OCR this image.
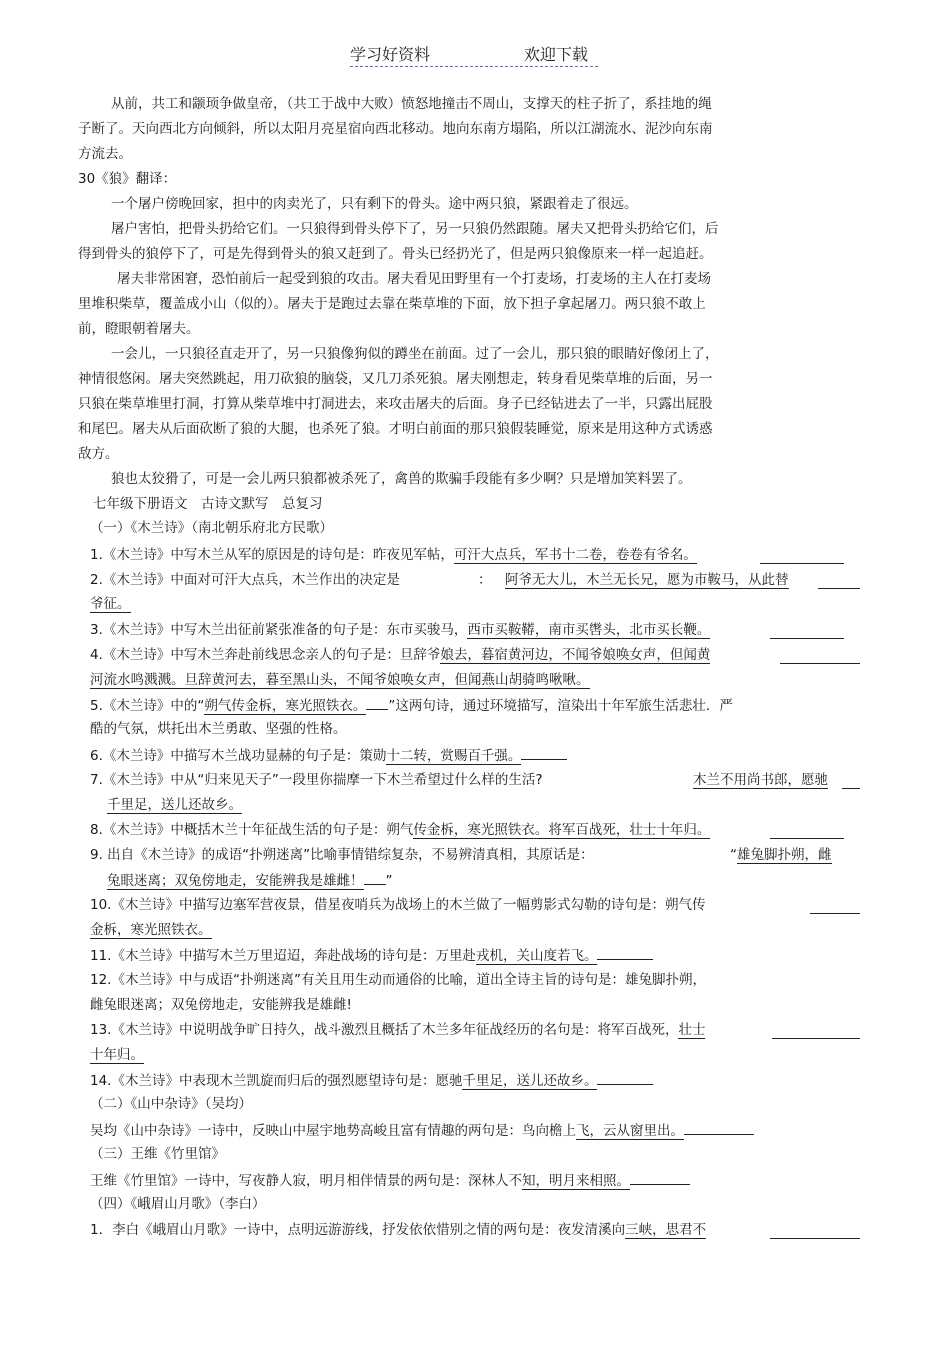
学习好资料	欢迎下载
从前，共工和颛顼争做皇帝，（共工于战中大败）愤怒地撞击不周山，支撑天的柱子折了，系挂地的绳
子断了。天向西北方向倾斜，所以太阳月亮星宿向西北移动。地向东南方塌陷，所以江湖流水、泥沙向东南
方流去。
30《狼》翻译：
一个屠户傍晚回家，担中的肉卖光了，只有剩下的骨头。途中两只狼，紧跟着走了很远。
屠户害怕，把骨头扔给它们。一只狼得到骨头停下了，另一只狼仍然跟随。屠夫又把骨头扔给它们，后
得到骨头的狼停下了，可是先得到骨头的狼又赶到了。骨头已经扔光了，但是两只狼像原来一样一起追赶。
屠夫非常困窘，恐怕前后一起受到狼的攻击。屠夫看见田野里有一个打麦场，打麦场的主人在打麦场
里堆积柴草，覆盖成小山（似的）。屠夫于是跑过去靠在柴草堆的下面，放下担子拿起屠刀。两只狼不敢上
前，瞪眼朝着屠夫。
一会儿，一只狼径直走开了，另一只狼像狗似的蹲坐在前面。过了一会儿，那只狼的眼睛好像闭上了，
神情很悠闲。屠夫突然跳起，用刀砍狼的脑袋，又几刀杀死狼。屠夫刚想走，转身看见柴草堆的后面，另一
只狼在柴草堆里打洞，打算从柴草堆中打洞进去，来攻击屠夫的后面。身子已经钻进去了一半，只露出屁股
和尾巴。屠夫从后面砍断了狼的大腿，也杀死了狼。才明白前面的那只狼假装睡觉，原来是用这种方式诱惑
敌方。
狼也太狡猾了，可是一会儿两只狼都被杀死了，禽兽的欺骗手段能有多少啊？只是增加笑料罢了。
七年级下册语文　古诗文默写　总复习
（一）《木兰诗》（南北朝乐府北方民歌）
1.《木兰诗》中写木兰从军的原因是的诗句是：昨夜见军帖，可汗大点兵，军书十二卷，卷卷有爷名。
2.《木兰诗》中面对可汗大点兵，木兰作出的决定是	： 阿爷无大儿，木兰无长兄，愿为市鞍马，从此替
爷征。
3.《木兰诗》中写木兰出征前紧张准备的句子是：东市买骏马，西市买鞍鞯，南市买辔头，北市买长鞭。
4.《木兰诗》中写木兰奔赴前线思念亲人的句子是：旦辞爷娘去，暮宿黄河边，不闻爷娘唤女声，但闻黄
河流水鸣溅溅。旦辞黄河去，暮至黑山头，不闻爷娘唤女声，但闻燕山胡骑鸣啾啾。
5.《木兰诗》中的“朔气传金柝，寒光照铁衣。 ”这两句诗，通过环境描写，渲染出十年军旅生活悲壮．严
酷的气氛，烘托出木兰勇敢、坚强的性格。
6.《木兰诗》中描写木兰战功显赫的句子是：策勋十二转，赏赐百千强。
7.《木兰诗》中从“归来见天子”一段里你揣摩一下木兰希望过什么样的生活?	木兰不用尚书郎，愿驰
千里足，送儿还故乡。
8.《木兰诗》中概括木兰十年征战生活的句子是：朔气传金柝，寒光照铁衣。将军百战死，壮士十年归。
9. 出自《木兰诗》的成语“扑朔迷离”比喻事情错综复杂，不易辨清真相，其原话是：	“雄兔脚扑朔，雌
兔眼迷离；双兔傍地走，安能辨我是雄雌！ ”
10.《木兰诗》中描写边塞军营夜景，借星夜哨兵为战场上的木兰做了一幅剪影式勾勒的诗句是：朔气传
金柝，寒光照铁衣。
11.《木兰诗》中描写木兰万里迢迢，奔赴战场的诗句是：万里赴戎机，关山度若飞。
12.《木兰诗》中与成语“扑朔迷离”有关且用生动而通俗的比喻，道出全诗主旨的诗句是：雄兔脚扑朔，
雌兔眼迷离；双兔傍地走，安能辨我是雄雌!
13.《木兰诗》中说明战争旷日持久，战斗激烈且概括了木兰多年征战经历的名句是：将军百战死，壮士
十年归。
14.《木兰诗》中表现木兰凯旋而归后的强烈愿望诗句是：愿驰千里足，送儿还故乡。
（二）《山中杂诗》（吴均）
吴均《山中杂诗》一诗中，反映山中屋宇地势高峻且富有情趣的两句是：鸟向檐上飞，云从窗里出。
（三）王维《竹里馆》
王维《竹里馆》一诗中，写夜静人寂，明月相伴情景的两句是：深林人不知，明月来相照。
（四）《峨眉山月歌》（李白）
1．李白《峨眉山月歌》一诗中，点明远游游线，抒发依依惜别之情的两句是：夜发清溪向三峡，思君不
